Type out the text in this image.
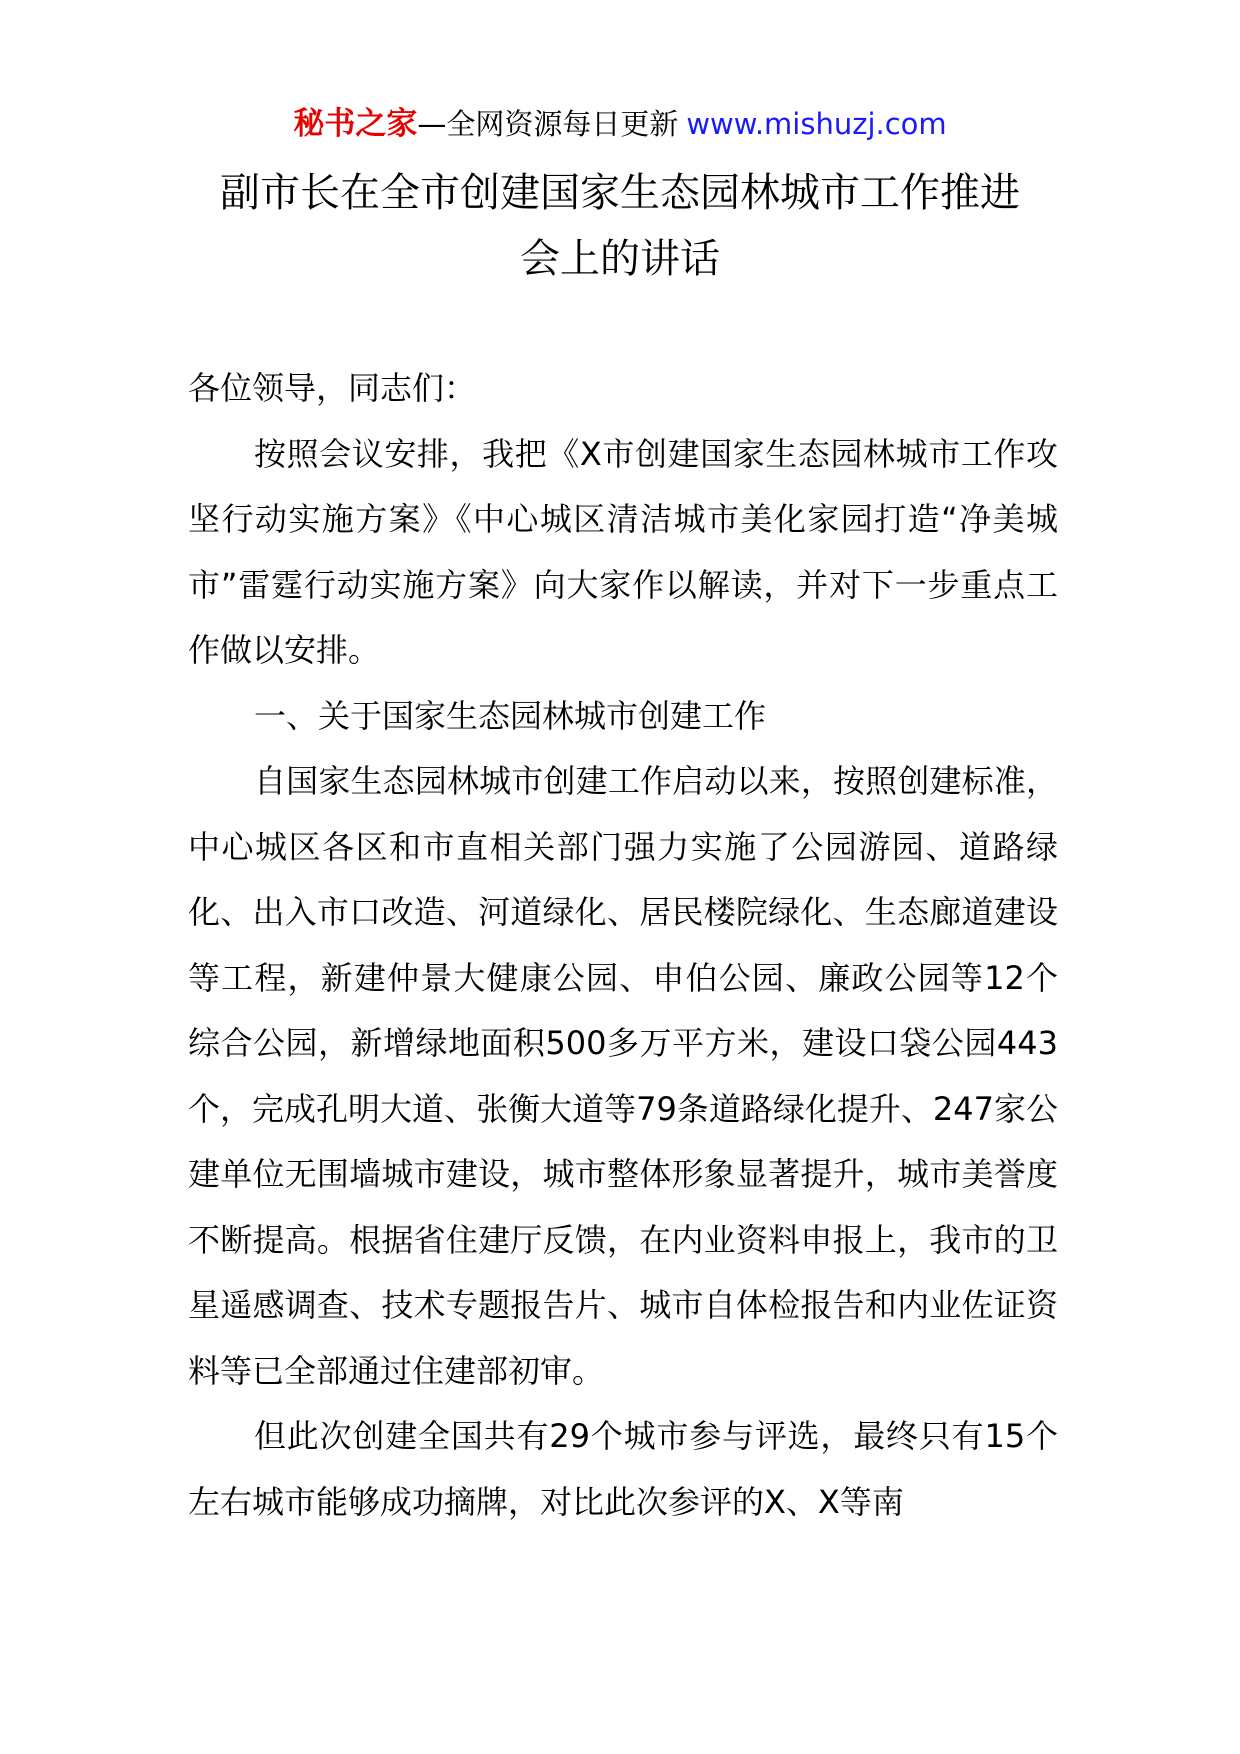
秘书之家—全网资源每日更新 www.mishuzj.com
副市长在全市创建国家生态园林城市工作推进
会上的讲话

各位领导，同志们：

按照会议安排，我把《X市创建国家生态园林城市工作攻坚行动实施方案》《中心城区清洁城市美化家园打造“净美城市”雷霆行动实施方案》向大家作以解读，并对下一步重点工作做以安排。

一、关于国家生态园林城市创建工作

自国家生态园林城市创建工作启动以来，按照创建标准，中心城区各区和市直相关部门强力实施了公园游园、道路绿化、出入市口改造、河道绿化、居民楼院绿化、生态廊道建设等工程，新建仲景大健康公园、申伯公园、廉政公园等12个综合公园，新增绿地面积500多万平方米，建设口袋公园443个，完成孔明大道、张衡大道等79条道路绿化提升、247家公建单位无围墙城市建设，城市整体形象显著提升，城市美誉度不断提高。根据省住建厅反馈，在内业资料申报上，我市的卫星遥感调查、技术专题报告片、城市自体检报告和内业佐证资料等已全部通过住建部初审。

但此次创建全国共有29个城市参与评选，最终只有15个左右城市能够成功摘牌，对比此次参评的X、X等南
